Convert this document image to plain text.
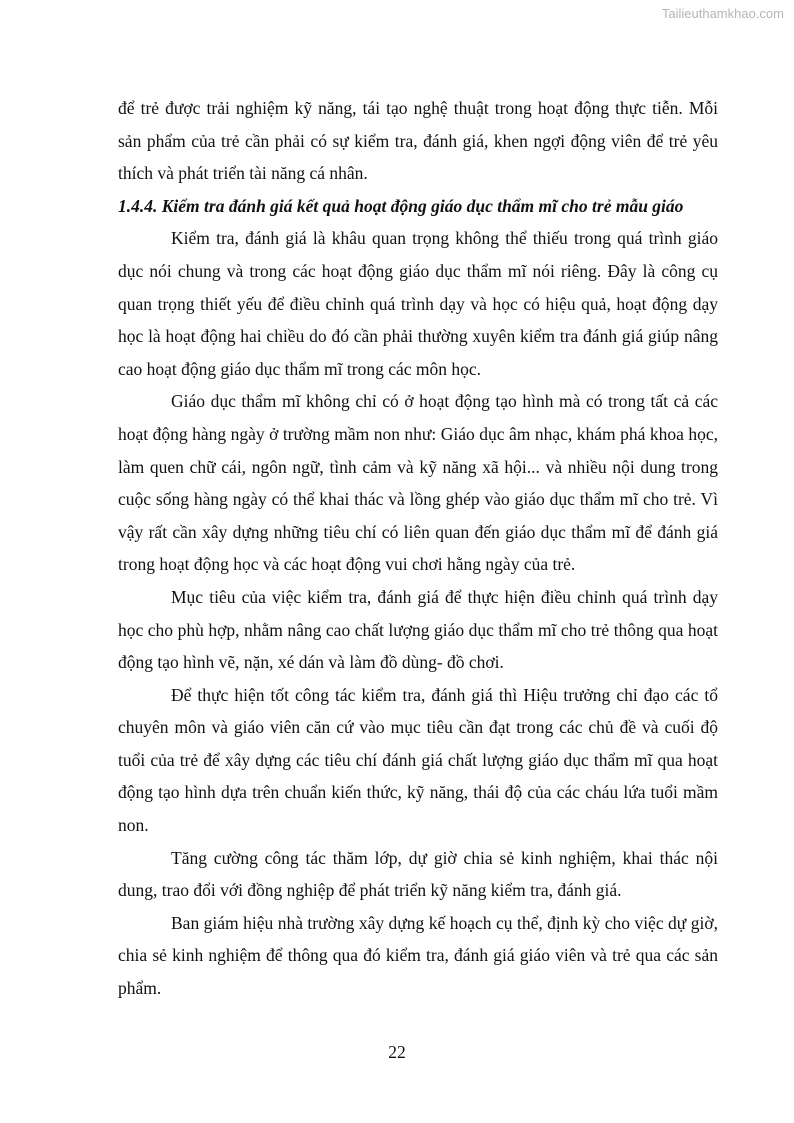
Tailieuthamkhao.com

để trẻ được trải nghiệm kỹ năng, tái tạo nghệ thuật trong hoạt động thực tiễn. Mỗi sản phẩm của trẻ cần phải có sự kiểm tra, đánh giá, khen ngợi động viên để trẻ yêu thích và phát triển tài năng cá nhân.

1.4.4. Kiểm tra đánh giá kết quả hoạt động giáo dục thẩm mĩ cho trẻ mẫu giáo

Kiểm tra, đánh giá là khâu quan trọng không thể thiếu trong quá trình giáo dục nói chung và trong các hoạt động giáo dục thẩm mĩ nói riêng. Đây là công cụ quan trọng thiết yếu để điều chỉnh quá trình dạy và học có hiệu quả, hoạt động dạy học là hoạt động hai chiều do đó cần phải thường xuyên kiểm tra đánh giá giúp nâng cao hoạt động giáo dục thẩm mĩ trong các môn học.

Giáo dục thẩm mĩ không chỉ có ở hoạt động tạo hình mà có trong tất cả các hoạt động hàng ngày ở trường mầm non như: Giáo dục âm nhạc, khám phá khoa học, làm quen chữ cái, ngôn ngữ, tình cảm và kỹ năng xã hội... và nhiều nội dung trong cuộc sống hàng ngày có thể khai thác và lồng ghép vào giáo dục thẩm mĩ cho trẻ. Vì vậy rất cần xây dựng những tiêu chí có liên quan đến giáo dục thẩm mĩ để đánh giá trong hoạt động học và các hoạt động vui chơi hằng ngày của trẻ.

Mục tiêu của việc kiểm tra, đánh giá để thực hiện điều chỉnh quá trình dạy học cho phù hợp, nhằm nâng cao chất lượng giáo dục thẩm mĩ cho trẻ thông qua hoạt động tạo hình vẽ, nặn, xé dán và làm đồ dùng- đồ chơi.

Để thực hiện tốt công tác kiểm tra, đánh giá thì Hiệu trưởng chỉ đạo các tổ chuyên môn và giáo viên căn cứ vào mục tiêu cần đạt trong các chủ đề và cuối độ tuổi của trẻ để xây dựng các tiêu chí đánh giá chất lượng giáo dục thẩm mĩ qua hoạt động tạo hình dựa trên chuẩn kiến thức, kỹ năng, thái độ của các cháu lứa tuổi mầm non.

Tăng cường công tác thăm lớp, dự giờ chia sẻ kinh nghiệm, khai thác nội dung, trao đổi với đồng nghiệp để phát triển kỹ năng kiểm tra, đánh giá.

Ban giám hiệu nhà trường xây dựng kế hoạch cụ thể, định kỳ cho việc dự giờ, chia sẻ kinh nghiệm để thông qua đó kiểm tra, đánh giá giáo viên và trẻ qua các sản phẩm.

22
